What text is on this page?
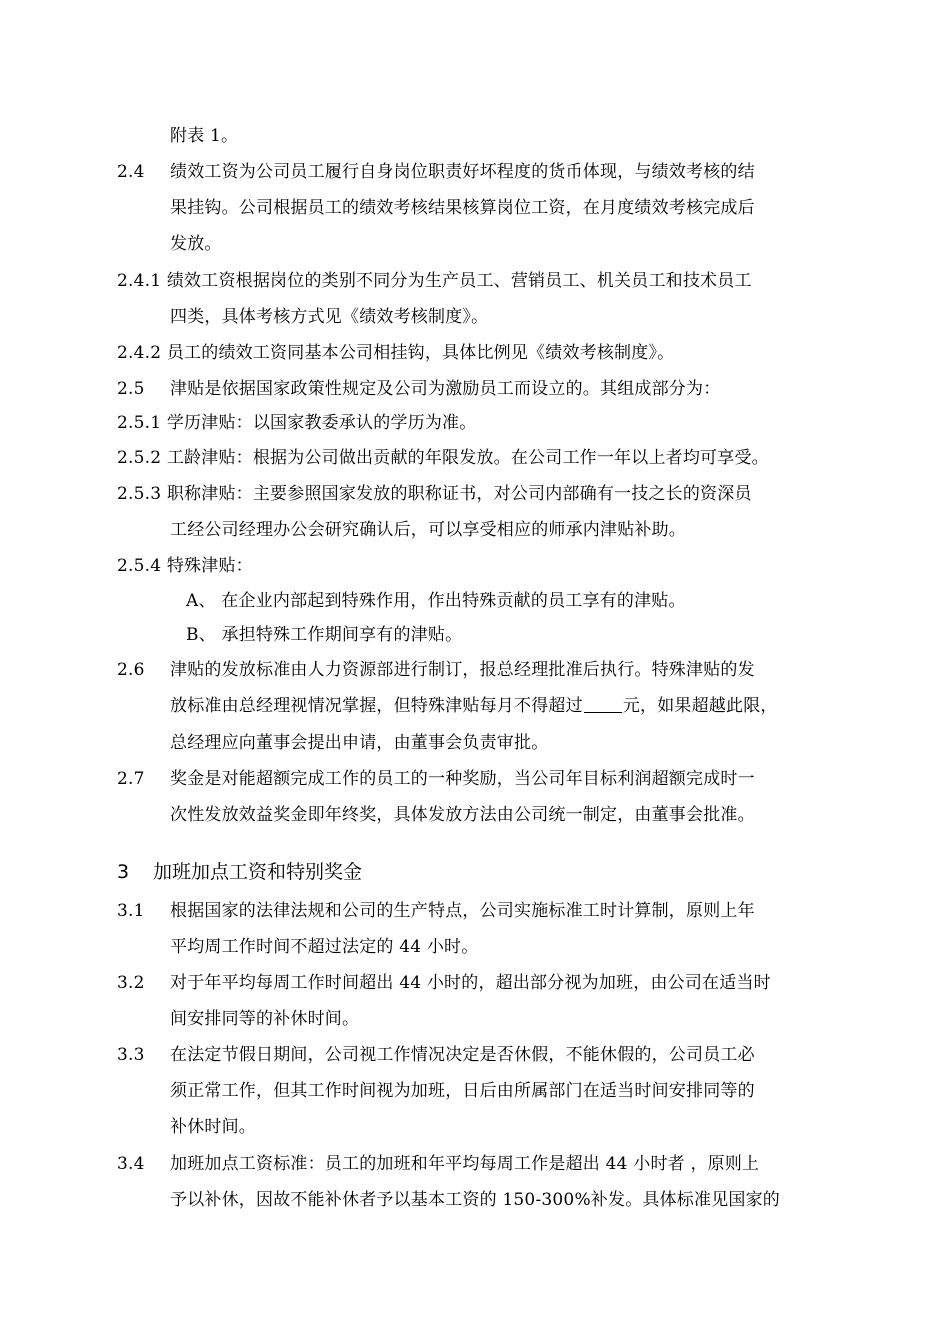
附表 1。
2.4 绩效工资为公司员工履行自身岗位职责好坏程度的货币体现，与绩效考核的结
果挂钩。公司根据员工的绩效考核结果核算岗位工资，在月度绩效考核完成后
发放。
2.4.1 绩效工资根据岗位的类别不同分为生产员工、营销员工、机关员工和技术员工
四类，具体考核方式见《绩效考核制度》。
2.4.2 员工的绩效工资同基本公司相挂钩，具体比例见《绩效考核制度》。
2.5 津贴是依据国家政策性规定及公司为激励员工而设立的。其组成部分为：
2.5.1 学历津贴：以国家教委承认的学历为准。
2.5.2 工龄津贴：根据为公司做出贡献的年限发放。在公司工作一年以上者均可享受。
2.5.3 职称津贴：主要参照国家发放的职称证书，对公司内部确有一技之长的资深员
工经公司经理办公会研究确认后，可以享受相应的师承内津贴补助。
2.5.4 特殊津贴：
A、 在企业内部起到特殊作用，作出特殊贡献的员工享有的津贴。
B、 承担特殊工作期间享有的津贴。
2.6 津贴的发放标准由人力资源部进行制订，报总经理批准后执行。特殊津贴的发
放标准由总经理视情况掌握，但特殊津贴每月不得超过 元，如果超越此限，
总经理应向董事会提出申请，由董事会负责审批。
2.7 奖金是对能超额完成工作的员工的一种奖励，当公司年目标利润超额完成时一
次性发放效益奖金即年终奖，具体发放方法由公司统一制定，由董事会批准。
3 加班加点工资和特别奖金
3.1 根据国家的法律法规和公司的生产特点，公司实施标准工时计算制，原则上年
平均周工作时间不超过法定的 44 小时。
3.2 对于年平均每周工作时间超出 44 小时的，超出部分视为加班，由公司在适当时
间安排同等的补休时间。
3.3 在法定节假日期间，公司视工作情况决定是否休假，不能休假的，公司员工必
须正常工作，但其工作时间视为加班，日后由所属部门在适当时间安排同等的
补休时间。
3.4 加班加点工资标准：员工的加班和年平均每周工作是超出 44 小时者 ，原则上
予以补休，因故不能补休者予以基本工资的 150-300%补发。具体标准见国家的
